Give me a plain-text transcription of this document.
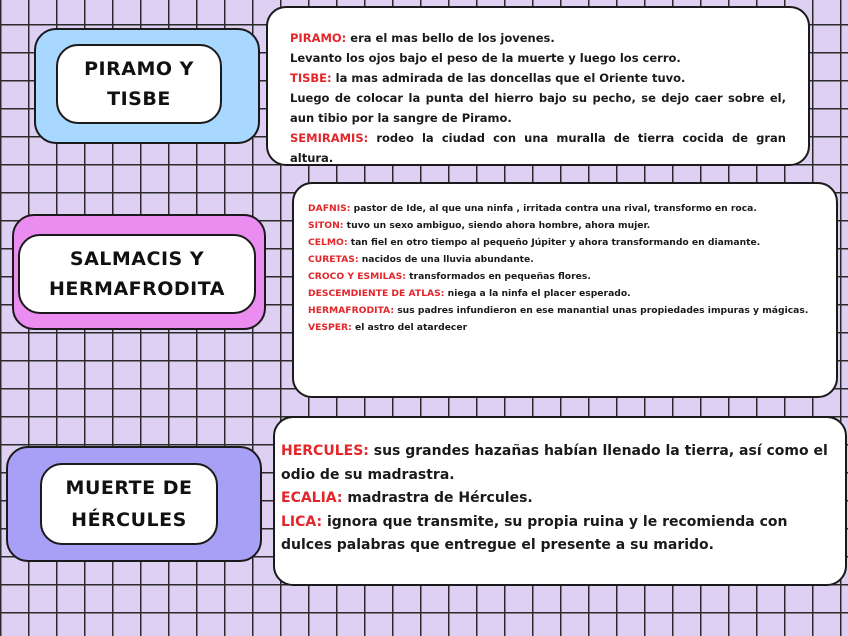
PIRAMO Y
TISBE

PIRAMO: era el mas bello de los jovenes.

Levanto los ojos bajo el peso de la muerte y luego los cerro.

TISBE: la mas admirada de las doncellas que el Oriente tuvo.

Luego de colocar la punta del hierro bajo su pecho, se dejo caer sobre el, aun tibio por la sangre de Piramo.

SEMIRAMIS: rodeo la ciudad con una muralla de tierra cocida de gran altura.

SALMACIS Y
HERMAFRODITA

DAFNIS: pastor de Ide, al que una ninfa , irritada contra una rival, transformo en roca.

SITON: tuvo un sexo ambiguo, siendo ahora hombre, ahora mujer.

CELMO: tan fiel en otro tiempo al pequeño Júpiter y ahora transformando en diamante.

CURETAS: nacidos de una lluvia abundante.

CROCO Y ESMILAS: transformados en pequeñas flores.

DESCEMDIENTE DE ATLAS: niega a la ninfa el placer esperado.

HERMAFRODITA: sus padres infundieron en ese manantial unas propiedades impuras y mágicas.

VESPER: el astro del atardecer

MUERTE DE
HÉRCULES

HERCULES: sus grandes hazañas habían llenado la tierra, así como el odio de su madrastra.

ECALIA: madrastra de Hércules.

LICA: ignora que transmite, su propia ruina y le recomienda con dulces palabras que entregue el presente a su marido.
